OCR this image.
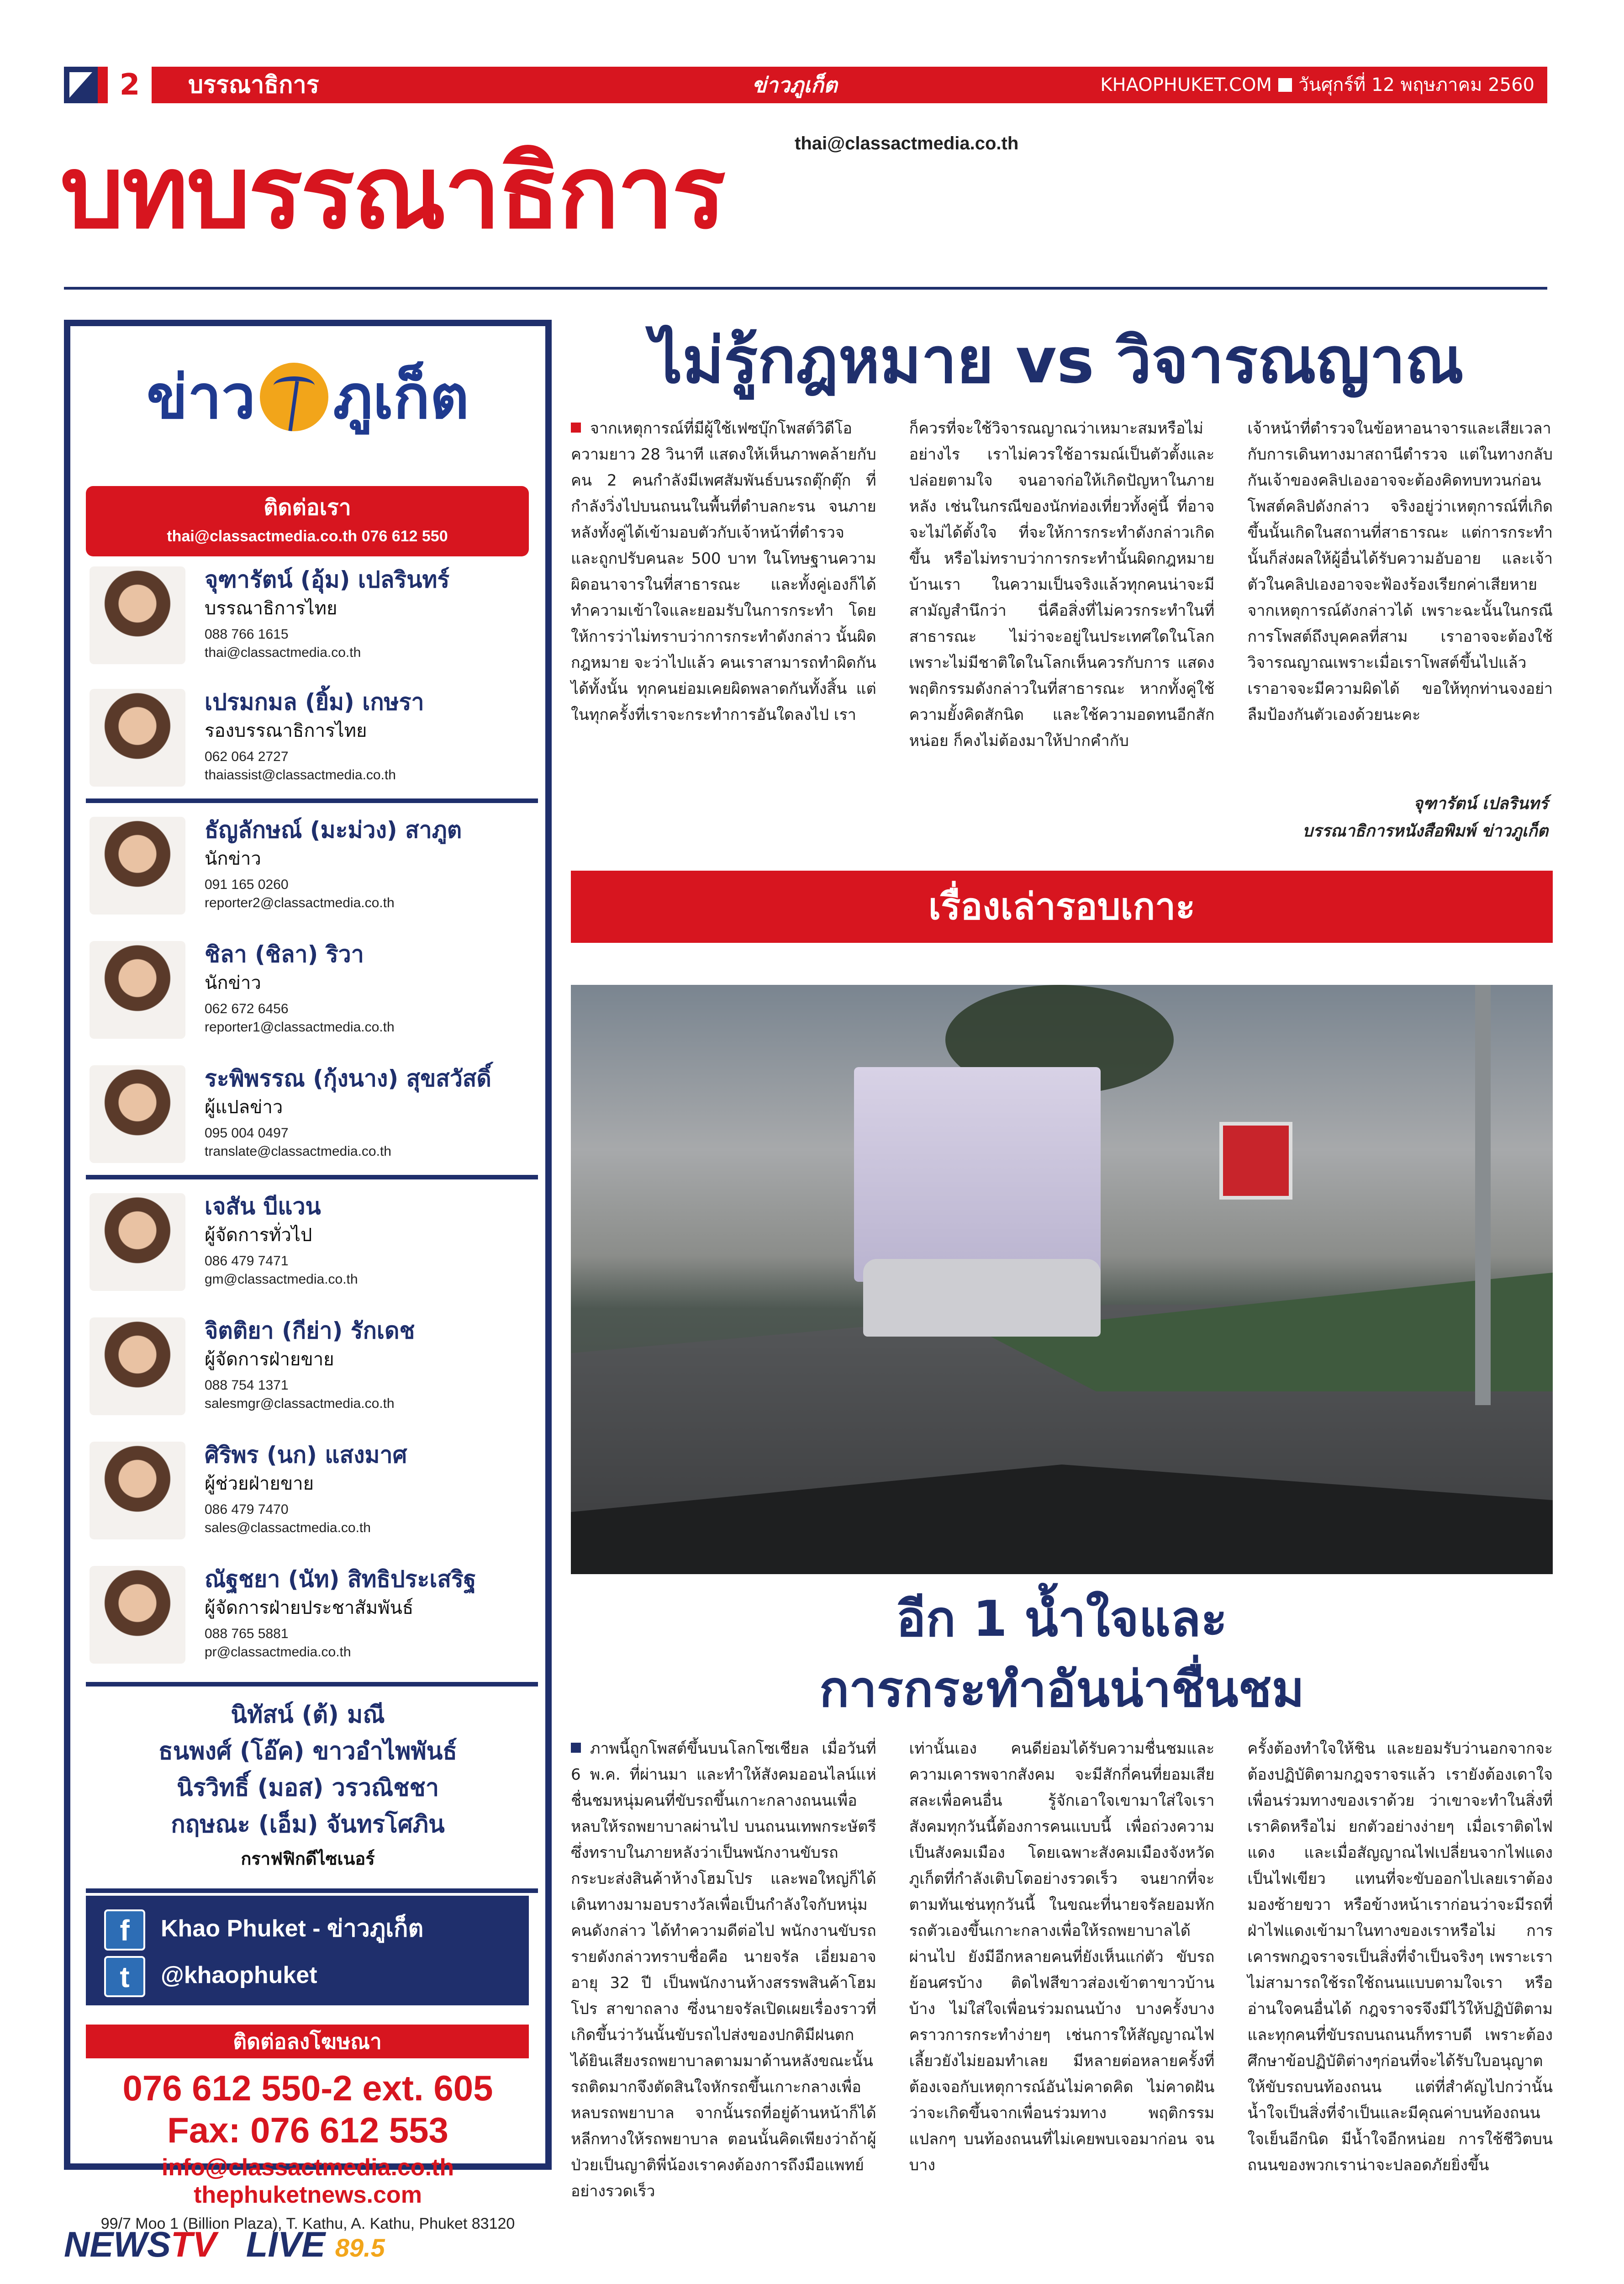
2	บรรณาธิการ	ข่าวภูเก็ต	KHAOPHUKET.COM วันศุกร์ที่ 12 พฤษภาคม 2560
thai@classactmedia.co.th
บทบรรณาธิการ
ข่าว ภูเก็ต
ติดต่อเรา
thai@classactmedia.co.th 076 612 550
จุฑารัตน์ (อุ้ม) เปลรินทร์
บรรณาธิการไทย
088 766 1615
thai@classactmedia.co.th
เปรมกมล (ยิ้ม) เกษรา
รองบรรณาธิการไทย
062 064 2727
thaiassist@classactmedia.co.th
ธัญลักษณ์ (มะม่วง) สาภูต
นักข่าว
091 165 0260
reporter2@classactmedia.co.th
ชิลา (ชิลา) ริวา
นักข่าว
062 672 6456
reporter1@classactmedia.co.th
ระพิพรรณ (กุ้งนาง) สุขสวัสดิ์
ผู้แปลข่าว
095 004 0497
translate@classactmedia.co.th
เจสัน บีแวน
ผู้จัดการทั่วไป
086 479 7471
gm@classactmedia.co.th
จิตติยา (กีย่า) รักเดช
ผู้จัดการฝ่ายขาย
088 754 1371
salesmgr@classactmedia.co.th
ศิริพร (นก) แสงมาศ
ผู้ช่วยฝ่ายขาย
086 479 7470
sales@classactmedia.co.th
ณัฐชยา (นัท) สิทธิประเสริฐ
ผู้จัดการฝ่ายประชาสัมพันธ์
088 765 5881
pr@classactmedia.co.th
นิทัสน์ (ต้) มณี
ธนพงศ์ (โอ๊ค) ขาวอำไพพันธ์
นิรวิทธิ์ (มอส) วรวณิชชา
กฤษณะ (เอ็ม) จันทรโศภิน
กราฟฟิกดีไซเนอร์
f Khao Phuket - ข่าวภูเก็ต
t @khaophuket
ติดต่อลงโฆษณา
076 612 550-2 ext. 605
Fax: 076 612 553
info@classactmedia.co.th
thephuketnews.com
99/7 Moo 1 (Billion Plaza), T. Kathu, A. Kathu, Phuket 83120
NEWSTV LIVE 89.5
ไม่รู้กฎหมาย vs วิจารณญาณ
จากเหตุการณ์ที่มีผู้ใช้เฟซบุ๊กโพสต์วิดีโอความยาว 28 วินาที แสดงให้เห็นภาพคล้ายกับคน 2 คนกำลังมีเพศสัมพันธ์บนรถตุ๊กตุ๊ก ที่กำลังวิ่งไปบนถนนในพื้นที่ตำบลกะรน จนภายหลังทั้งคู่ได้เข้ามอบตัวกับเจ้าหน้าที่ตำรวจ และถูกปรับคนละ 500 บาท ในโทษฐานความผิดอนาจารในที่สาธารณะ และทั้งคู่เองก็ได้ทำความเข้าใจและยอมรับในการกระทำ โดยให้การว่าไม่ทราบว่าการกระทำดังกล่าว นั้นผิดกฎหมาย จะว่าไปแล้ว คนเราสามารถทำผิดกันได้ทั้งนั้น ทุกคนย่อมเคยผิดพลาดกันทั้งสิ้น แต่ในทุกครั้งที่เราจะกระทำการอันใดลงไป เรา
ก็ควรที่จะใช้วิจารณญาณว่าเหมาะสมหรือไม่ อย่างไร เราไม่ควรใช้อารมณ์เป็นตัวตั้งและปล่อยตามใจ จนอาจก่อให้เกิดปัญหาในภายหลัง เช่นในกรณีของนักท่องเที่ยวทั้งคู่นี้ ที่อาจจะไม่ได้ตั้งใจ ที่จะให้การกระทำดังกล่าวเกิดขึ้น หรือไม่ทราบว่าการกระทำนั้นผิดกฎหมายบ้านเรา ในความเป็นจริงแล้วทุกคนน่าจะมีสามัญสำนึกว่า นี่คือสิ่งที่ไม่ควรกระทำในที่สาธารณะ ไม่ว่าจะอยู่ในประเทศใดในโลก เพราะไม่มีชาติใดในโลกเห็นควรกับการ แสดงพฤติกรรมดังกล่าวในที่สาธารณะ หากทั้งคู่ใช้ความยั้งคิดสักนิด และใช้ความอดทนอีกสักหน่อย ก็คงไม่ต้องมาให้ปากคำกับ
เจ้าหน้าที่ตำรวจในข้อหาอนาจารและเสียเวลากับการเดินทางมาสถานีตำรวจ แต่ในทางกลับกันเจ้าของคลิปเองอาจจะต้องคิดทบทวนก่อนโพสต์คลิปดังกล่าว จริงอยู่ว่าเหตุการณ์ที่เกิดขึ้นนั้นเกิดในสถานที่สาธารณะ แต่การกระทำนั้นก็ส่งผลให้ผู้อื่นได้รับความอับอาย และเจ้าตัวในคลิปเองอาจจะฟ้องร้องเรียกค่าเสียหายจากเหตุการณ์ดังกล่าวได้ เพราะฉะนั้นในกรณีการโพสต์ถึงบุคคลที่สาม เราอาจจะต้องใช้วิจารณญาณเพราะเมื่อเราโพสต์ขึ้นไปแล้ว เราอาจจะมีความผิดได้ ขอให้ทุกท่านจงอย่าลืมป้องกันตัวเองด้วยนะคะ
จุฑารัตน์ เปลรินทร์
บรรณาธิการหนังสือพิมพ์ ข่าวภูเก็ต
เรื่องเล่ารอบเกาะ
อีก 1 น้ำใจและ
การกระทำอันน่าชื่นชม
ภาพนี้ถูกโพสต์ขึ้นบนโลกโซเชียล เมื่อวันที่ 6 พ.ค. ที่ผ่านมา และทำให้สังคมออนไลน์แห่ชื่นชมหนุ่มคนที่ขับรถขึ้นเกาะกลางถนนเพื่อหลบให้รถพยาบาลผ่านไป บนถนนเทพกระษัตรี ซึ่งทราบในภายหลังว่าเป็นพนักงานขับรถกระบะส่งสินค้าห้างโฮมโปร และพอใหญ่ก็ได้เดินทางมามอบรางวัลเพื่อเป็นกำลังใจกับหนุ่มคนดังกล่าว ได้ทำความดีต่อไป พนักงานขับรถรายดังกล่าวทราบชื่อคือ นายจรัล เอี่ยมอาจ อายุ 32 ปี เป็นพนักงานห้างสรรพสินค้าโฮมโปร สาขาถลาง ซึ่งนายจรัลเปิดเผยเรื่องราวที่เกิดขึ้นว่าวันนั้นขับรถไปส่งของปกติมีฝนตกได้ยินเสียงรถพยาบาลตามมาด้านหลังขณะนั้นรถติดมากจึงตัดสินใจหักรถขึ้นเกาะกลางเพื่อหลบรถพยาบาล จากนั้นรถที่อยู่ด้านหน้าก็ได้หลีกทางให้รถพยาบาล ตอนนั้นคิดเพียงว่าถ้าผู้ป่วยเป็นญาติพี่น้องเราคงต้องการถึงมือแพทย์อย่างรวดเร็ว
เท่านั้นเอง คนดีย่อมได้รับความชื่นชมและความเคารพจากสังคม จะมีสักกี่คนที่ยอมเสียสละเพื่อคนอื่น รู้จักเอาใจเขามาใส่ใจเรา สังคมทุกวันนี้ต้องการคนแบบนี้ เพื่อถ่วงความเป็นสังคมเมือง โดยเฉพาะสังคมเมืองจังหวัดภูเก็ตที่กำลังเติบโตอย่างรวดเร็ว จนยากที่จะตามทันเช่นทุกวันนี้ ในขณะที่นายจรัลยอมหักรถตัวเองขึ้นเกาะกลางเพื่อให้รถพยาบาลได้ผ่านไป ยังมีอีกหลายคนที่ยังเห็นแก่ตัว ขับรถย้อนศรบ้าง ติดไฟสีขาวส่องเข้าตาขาวบ้านบ้าง ไม่ใส่ใจเพื่อนร่วมถนนบ้าง บางครั้งบางคราวการกระทำง่ายๆ เช่นการให้สัญญาณไฟเลี้ยวยังไม่ยอมทำเลย มีหลายต่อหลายครั้งที่ต้องเจอกับเหตุการณ์อันไม่คาดคิด ไม่คาดฝันว่าจะเกิดขึ้นจากเพื่อนร่วมทาง พฤติกรรมแปลกๆ บนท้องถนนที่ไม่เคยพบเจอมาก่อน จนบาง
ครั้งต้องทำใจให้ชิน และยอมรับว่านอกจากจะต้องปฏิบัติตามกฎจราจรแล้ว เรายังต้องเดาใจเพื่อนร่วมทางของเราด้วย ว่าเขาจะทำในสิ่งที่เราคิดหรือไม่ ยกตัวอย่างง่ายๆ เมื่อเราติดไฟแดง และเมื่อสัญญาณไฟเปลี่ยนจากไฟแดงเป็นไฟเขียว แทนที่จะขับออกไปเลยเราต้องมองซ้ายขวา หรือข้างหน้าเราก่อนว่าจะมีรถที่ฝ่าไฟแดงเข้ามาในทางของเราหรือไม่ การเคารพกฎจราจรเป็นสิ่งที่จำเป็นจริงๆ เพราะเราไม่สามารถใช้รถใช้ถนนแบบตามใจเรา หรืออ่านใจคนอื่นได้ กฎจราจรจึงมีไว้ให้ปฏิบัติตาม และทุกคนที่ขับรถบนถนนก็ทราบดี เพราะต้องศึกษาข้อปฏิบัติต่างๆก่อนที่จะได้รับใบอนุญาตให้ขับรถบนท้องถนน แต่ที่สำคัญไปกว่านั้น น้ำใจเป็นสิ่งที่จำเป็นและมีคุณค่าบนท้องถนน ใจเย็นอีกนิด มีน้ำใจอีกหน่อย การใช้ชีวิตบนถนนของพวกเราน่าจะปลอดภัยยิ่งขึ้น
